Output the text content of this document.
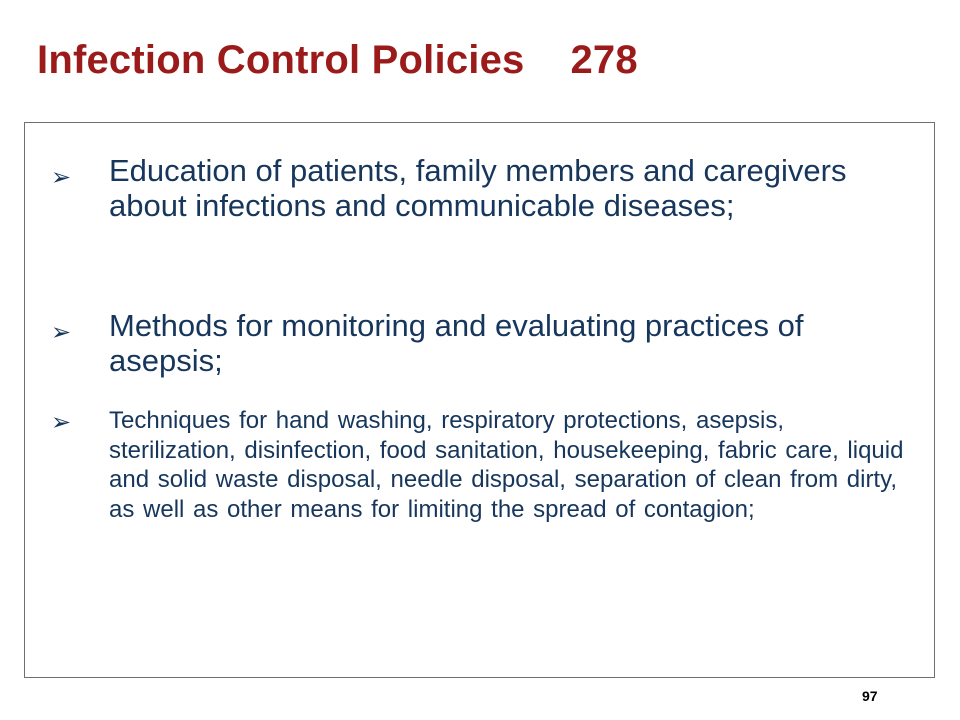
Infection Control Policies 278
➢ Education of patients, family members and caregivers about infections and communicable diseases;

➢ Methods for monitoring and evaluating practices of asepsis;

➢ Techniques for hand washing, respiratory protections, asepsis, sterilization, disinfection, food sanitation, housekeeping, fabric care, liquid and solid waste disposal, needle disposal, separation of clean from dirty, as well as other means for limiting the spread of contagion;

97
